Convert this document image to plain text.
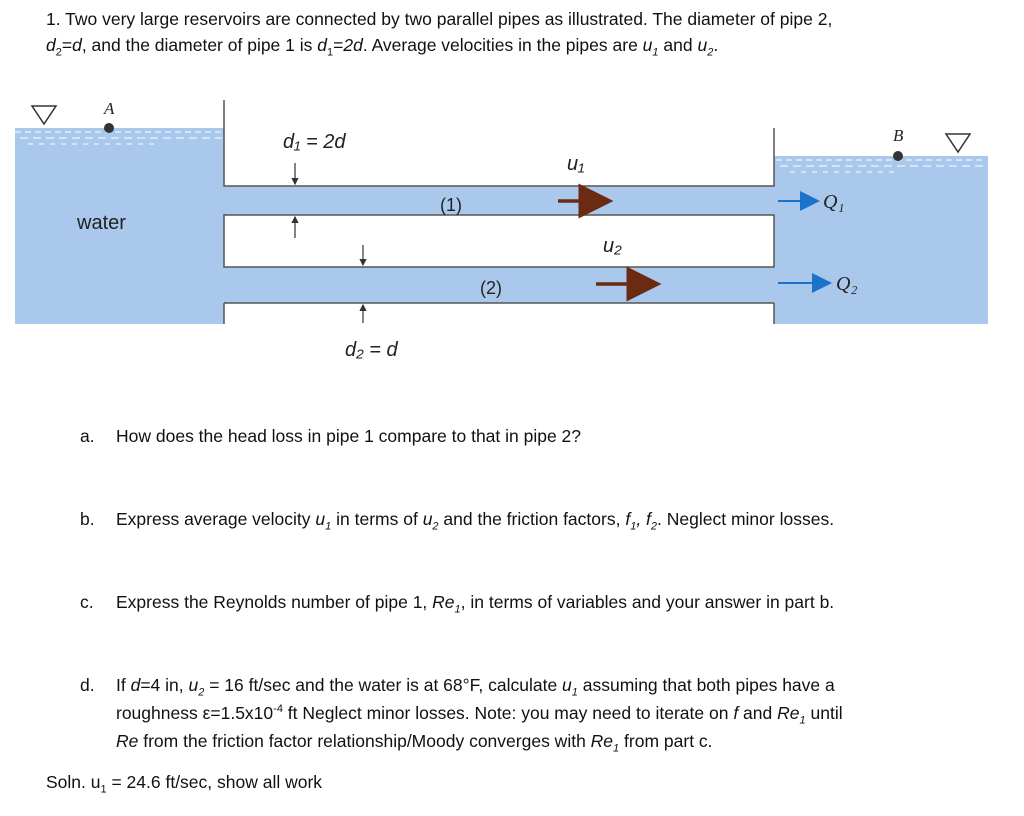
1. Two very large reservoirs are connected by two parallel pipes as illustrated. The diameter of pipe 2,
$d_2=d$, and the diameter of pipe 1 is $d_1=2d$. Average velocities in the pipes are $u_1$ and $u_2$.
A
B
water
d₁ = 2d
d₂ = d
(1)
(2)
u₁
u₂
Q₁
Q₂
a. How does the head loss in pipe 1 compare to that in pipe 2?
b. Express average velocity $u_1$ in terms of $u_2$ and the friction factors, $f_1$, $f_2$. Neglect minor losses.
c. Express the Reynolds number of pipe 1, $Re_1$, in terms of variables and your answer in part b.
d. If d=4 in, $u_2 = 16$ ft/sec and the water is at 68°F, calculate $u_1$ assuming that both pipes have a
roughness $\varepsilon=1.5x10^{-4}$ ft Neglect minor losses. Note: you may need to iterate on f and $Re_1$ until
Re from the friction factor relationship/Moody converges with $Re_1$ from part c.
Soln. $u_1 = 24.6$ ft/sec, show all work
